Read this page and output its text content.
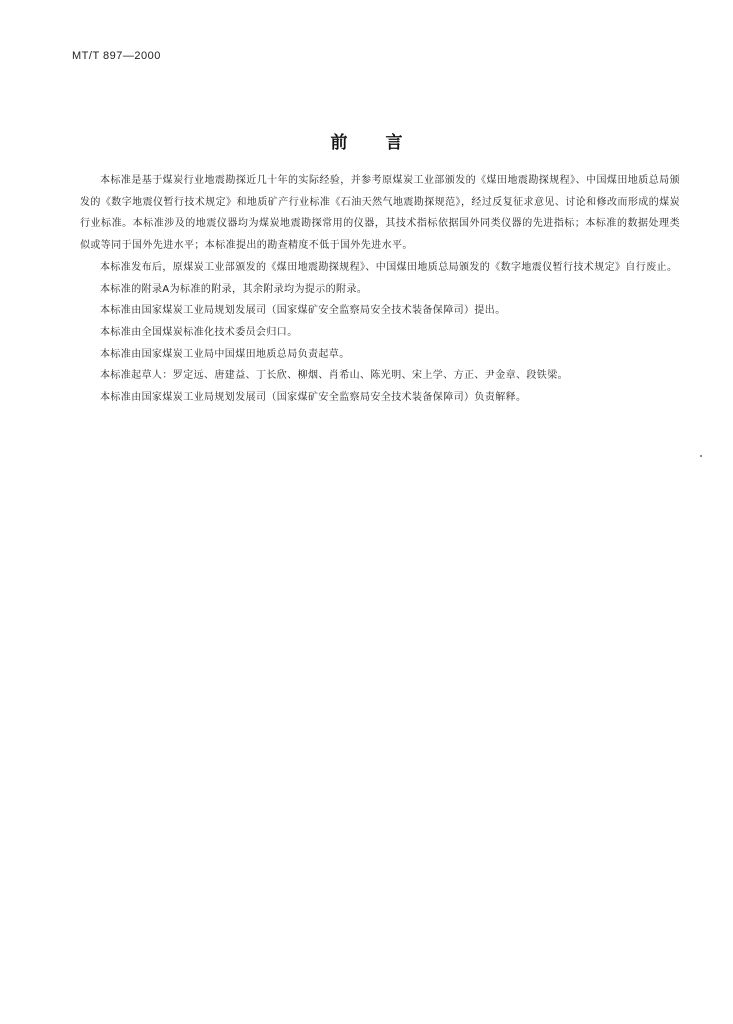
MT/T 897—2000
前 言

本标准是基于煤炭行业地震勘探近几十年的实际经验，并参考原煤炭工业部颁发的《煤田地震勘探规程》、中国煤田地质总局颁发的《数字地震仪暂行技术规定》和地质矿产行业标准《石油天然气地震勘探规范》，经过反复征求意见、讨论和修改而形成的煤炭行业标准。本标准涉及的地震仪器均为煤炭地震勘探常用的仪器，其技术指标依据国外同类仪器的先进指标；本标准的数据处理类似或等同于国外先进水平；本标准提出的勘查精度不低于国外先进水平。

本标准发布后，原煤炭工业部颁发的《煤田地震勘探规程》、中国煤田地质总局颁发的《数字地震仪暂行技术规定》自行废止。

本标准的附录A为标准的附录，其余附录均为提示的附录。

本标准由国家煤炭工业局规划发展司（国家煤矿安全监察局安全技术装备保障司）提出。

本标准由全国煤炭标准化技术委员会归口。

本标准由国家煤炭工业局中国煤田地质总局负责起草。

本标准起草人：罗定远、唐建益、丁长欣、柳烟、肖希山、陈光明、宋上学、方正、尹金章、段铁梁。

本标准由国家煤炭工业局规划发展司（国家煤矿安全监察局安全技术装备保障司）负责解释。
